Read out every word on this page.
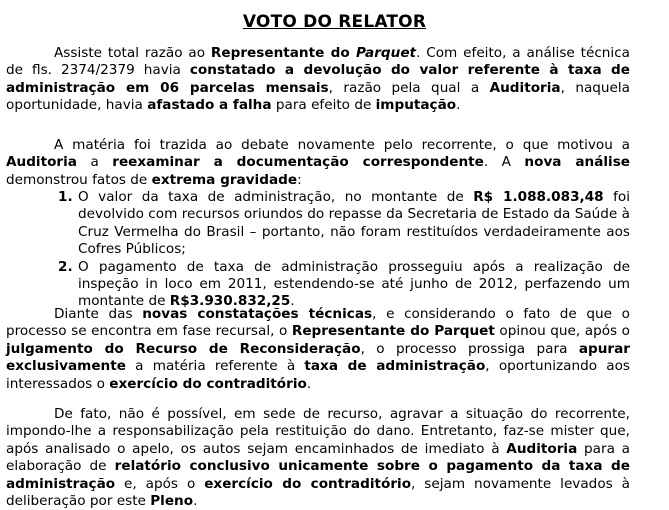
VOTO DO RELATOR

Assiste total razão ao Representante do Parquet. Com efeito, a análise técnica de fls. 2374/2379 havia constatado a devolução do valor referente à taxa de administração em 06 parcelas mensais, razão pela qual a Auditoria, naquela oportunidade, havia afastado a falha para efeito de imputação.

A matéria foi trazida ao debate novamente pelo recorrente, o que motivou a Auditoria a reexaminar a documentação correspondente. A nova análise demonstrou fatos de extrema gravidade:

1. O valor da taxa de administração, no montante de R$ 1.088.083,48 foi devolvido com recursos oriundos do repasse da Secretaria de Estado da Saúde à Cruz Vermelha do Brasil – portanto, não foram restituídos verdadeiramente aos Cofres Públicos;
2. O pagamento de taxa de administração prosseguiu após a realização de inspeção in loco em 2011, estendendo-se até junho de 2012, perfazendo um montante de R$3.930.832,25.

Diante das novas constatações técnicas, e considerando o fato de que o processo se encontra em fase recursal, o Representante do Parquet opinou que, após o julgamento do Recurso de Reconsideração, o processo prossiga para apurar exclusivamente a matéria referente à taxa de administração, oportunizando aos interessados o exercício do contraditório.

De fato, não é possível, em sede de recurso, agravar a situação do recorrente, impondo-lhe a responsabilização pela restituição do dano. Entretanto, faz-se mister que, após analisado o apelo, os autos sejam encaminhados de imediato à Auditoria para a elaboração de relatório conclusivo unicamente sobre o pagamento da taxa de administração e, após o exercício do contraditório, sejam novamente levados à deliberação por este Pleno.
